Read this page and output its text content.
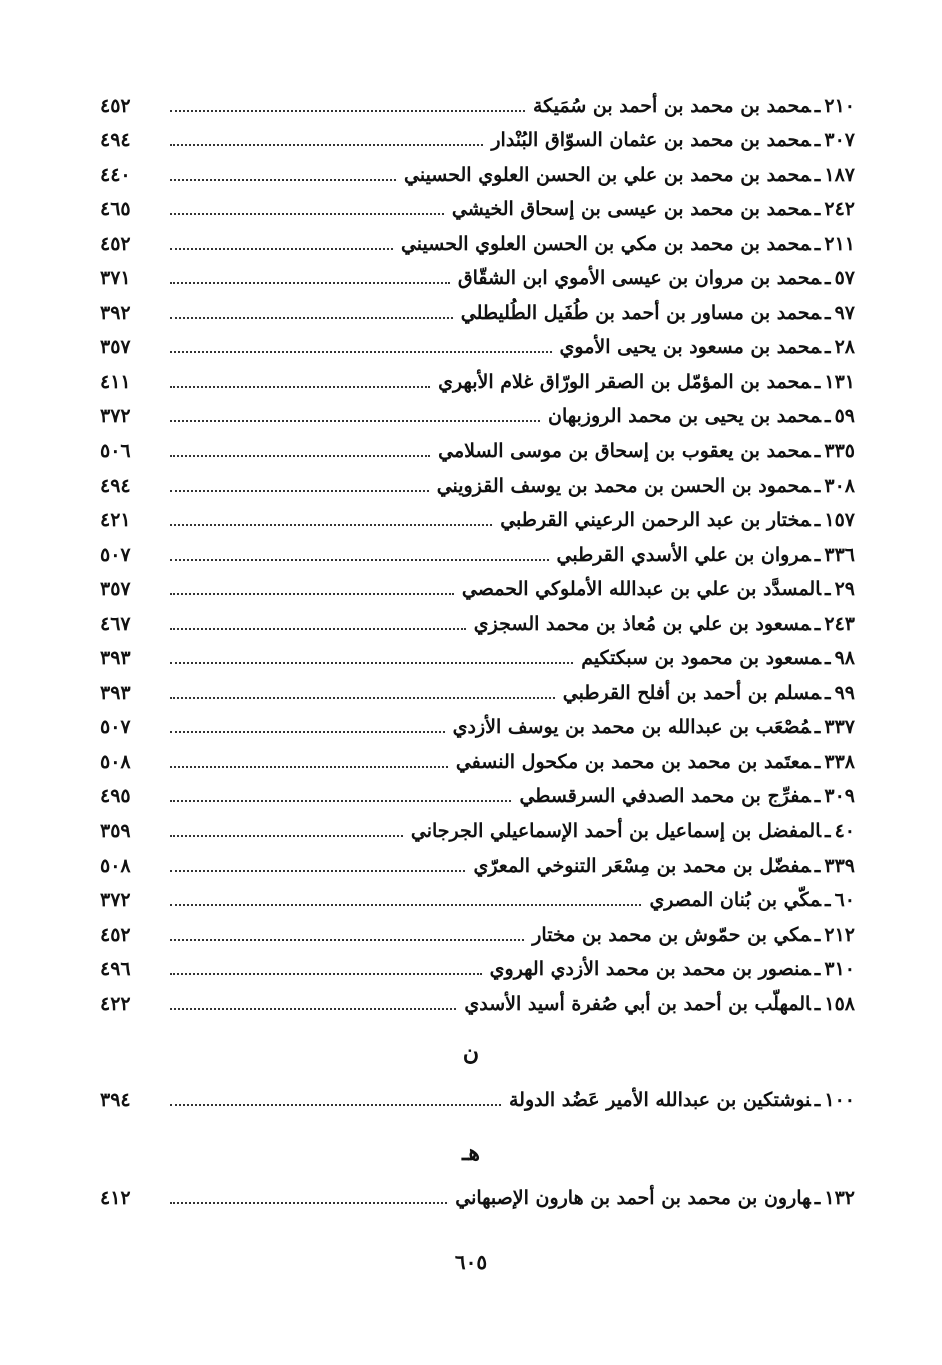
٢١٠ـمحمد بن محمد بن أحمد بن سُمَيكة
٤٥٢
٣٠٧ـمحمد بن محمد بن عثمان السوّاق البُنْدار
٤٩٤
١٨٧ـمحمد بن محمد بن علي بن الحسن العلوي الحسيني
٤٤٠
٢٤٢ـمحمد بن محمد بن عيسى بن إسحاق الخيشي
٤٦٥
٢١١ـمحمد بن محمد بن مكي بن الحسن العلوي الحسيني
٤٥٢
٥٧ـمحمد بن مروان بن عيسى الأموي ابن الشقّاق
٣٧١
٩٧ـمحمد بن مساور بن أحمد بن طُفَيل الطُليطلي
٣٩٢
٢٨ـمحمد بن مسعود بن يحيى الأموي
٣٥٧
١٣١ـمحمد بن المؤمّل بن الصقر الورّاق غلام الأبهري
٤١١
٥٩ـمحمد بن يحيى بن محمد الروزبهان
٣٧٢
٣٣٥ـمحمد بن يعقوب بن إسحاق بن موسى السلامي
٥٠٦
٣٠٨ـمحمود بن الحسن بن محمد بن يوسف القزويني
٤٩٤
١٥٧ـمختار بن عبد الرحمن الرعيني القرطبي
٤٢١
٣٣٦ـمروان بن علي الأسدي القرطبي
٥٠٧
٢٩ـالمسدَّد بن علي بن عبدالله الأملوكي الحمصي
٣٥٧
٢٤٣ـمسعود بن علي بن مُعاذ بن محمد السجزي
٤٦٧
٩٨ـمسعود بن محمود بن سبكتكيم
٣٩٣
٩٩ـمسلم بن أحمد بن أفلح القرطبي
٣٩٣
٣٣٧ـمُصْعَب بن عبدالله بن محمد بن يوسف الأزدي
٥٠٧
٣٣٨ـمعتَمد بن محمد بن محمد بن مكحول النسفي
٥٠٨
٣٠٩ـمفرِّج بن محمد الصدفي السرقسطي
٤٩٥
٤٠ـالمفضل بن إسماعيل بن أحمد الإسماعيلي الجرجاني
٣٥٩
٣٣٩ـمفضّل بن محمد بن مِسْعَر التنوخي المعرّي
٥٠٨
٦٠ـمكّي بن بُنان المصري
٣٧٢
٢١٢ـمكي بن حمّوش بن محمد بن مختار
٤٥٢
٣١٠ـمنصور بن محمد بن محمد الأزدي الهروي
٤٩٦
١٥٨ـالمهلّب بن أحمد بن أبي صُفرة أسيد الأسدي
٤٢٢
ن
١٠٠ـنوشتكين بن عبدالله الأمير عَضُد الدولة
٣٩٤
هـ
١٣٢ـهارون بن محمد بن أحمد بن هارون الإصبهاني
٤١٢
٦٠٥
